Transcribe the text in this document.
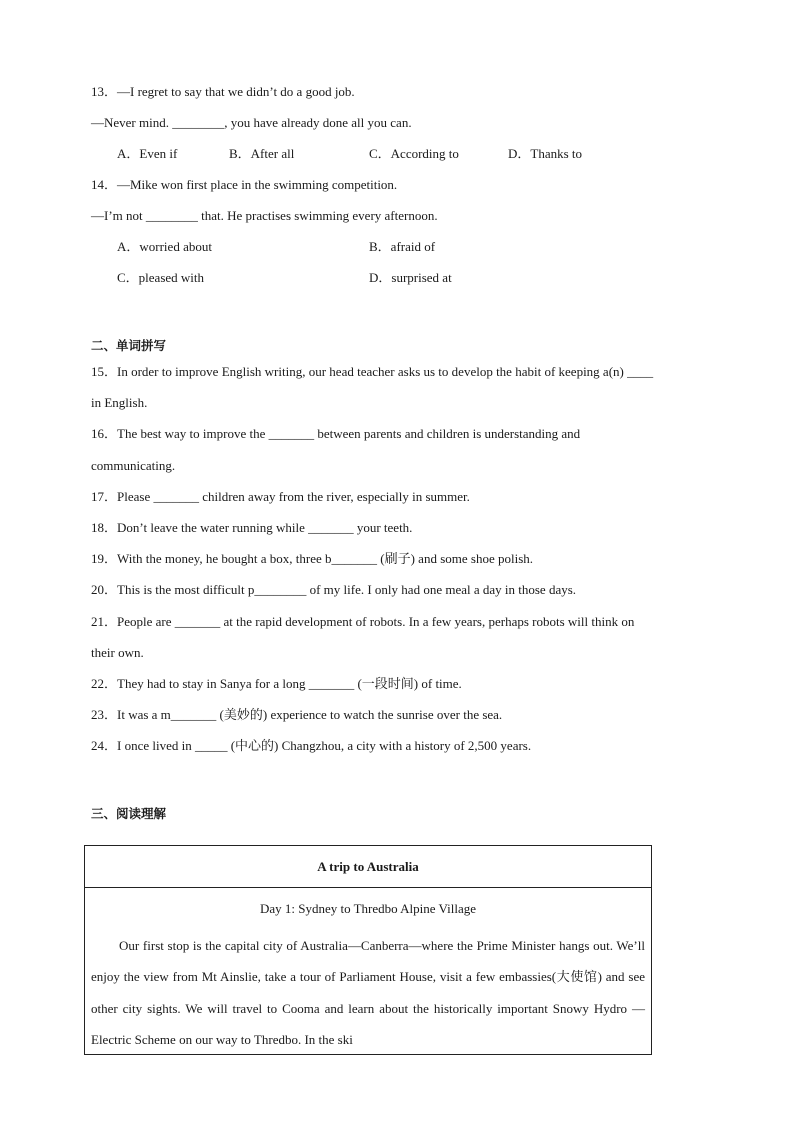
13．—I regret to say that we didn’t do a good job.
—Never mind. ________, you have already done all you can.
A．Even if	B．After all	C．According to	D．Thanks to
14．—Mike won first place in the swimming competition.
—I’m not ________ that. He practises swimming every afternoon.
A．worried about	B．afraid of
C．pleased with	D．surprised at
二、单词拼写
15．In order to improve English writing, our head teacher asks us to develop the habit of keeping a(n) ____
in English.
16．The best way to improve the _______ between parents and children is understanding and
communicating.
17．Please _______ children away from the river, especially in summer.
18．Don’t leave the water running while _______ your teeth.
19．With the money, he bought a box, three b_______ (刷子) and some shoe polish.
20．This is the most difficult p________ of my life. I only had one meal a day in those days.
21．People are _______ at the rapid development of robots. In a few years, perhaps robots will think on
their own.
22．They had to stay in Sanya for a long _______ (一段时间) of time.
23．It was a m_______ (美妙的) experience to watch the sunrise over the sea.
24．I once lived in _____ (中心的) Changzhou, a city with a history of 2,500 years.
三、阅读理解
A trip to Australia
Day 1: Sydney to Thredbo Alpine Village
Our first stop is the capital city of Australia—Canberra—where the Prime Minister hangs out. We’ll enjoy the view from Mt Ainslie, take a tour of Parliament House, visit a few embassies(大使馆) and see other city sights. We will travel to Cooma and learn about the historically important Snowy Hydro — Electric Scheme on our way to Thredbo. In the ski
